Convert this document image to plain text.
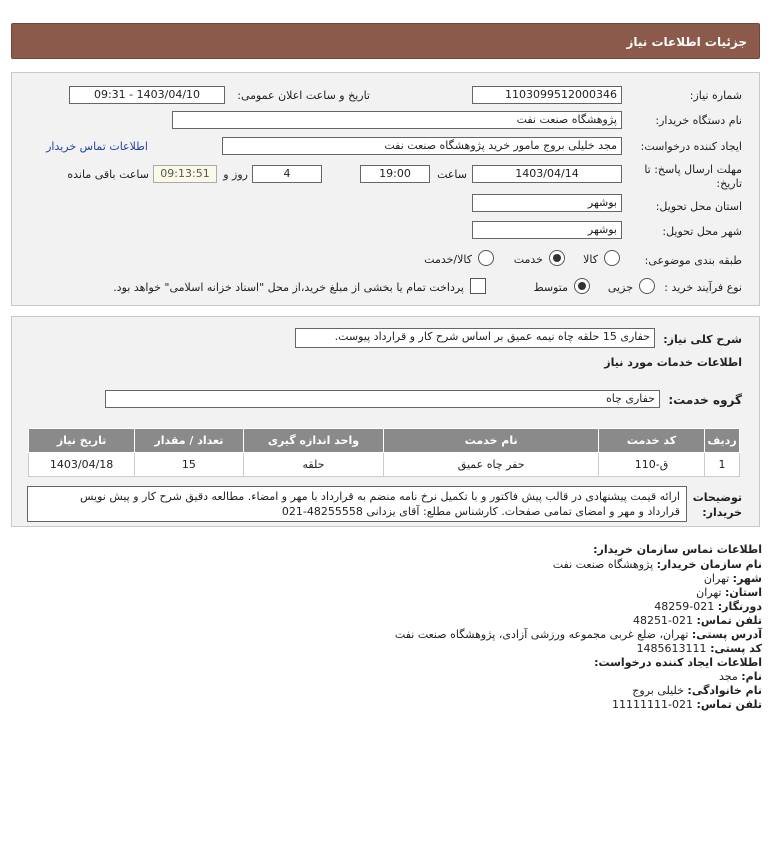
جزئیات اطلاعات نیاز
شماره نیاز:
1103099512000346
تاریخ و ساعت اعلان عمومی:
1403/04/10 - 09:31
نام دستگاه خریدار:
پژوهشگاه صنعت نفت
ایجاد کننده درخواست:
مجد خلیلی بروج مامور خرید پژوهشگاه صنعت نفت
اطلاعات تماس خریدار
مهلت ارسال پاسخ: تا
تاریخ:
1403/04/14
ساعت
19:00
4
روز و
09:13:51
ساعت باقی مانده
استان محل تحویل:
بوشهر
شهر محل تحویل:
بوشهر
طبقه بندی موضوعی:
کالا
خدمت
کالا/خدمت
نوع فرآیند خرید :
جزیی
متوسط
پرداخت تمام یا بخشی از مبلغ خرید،از محل "اسناد خزانه اسلامی" خواهد بود.
شرح کلی نیاز:
حفاری 15 حلقه چاه نیمه عمیق بر اساس شرح کار و قرارداد پیوست.
اطلاعات خدمات مورد نیاز
گروه خدمت:
حفاری چاه
ردیف	کد خدمت	نام خدمت	واحد اندازه گیری	تعداد / مقدار	تاریخ نیاز
1	ق-110	حفر چاه عمیق	حلقه	15	1403/04/18
توضیحات
خریدار:
ارائه قیمت پیشنهادی در قالب پیش فاکتور و با تکمیل نرخ نامه منضم به قرارداد با مهر و امضاء. مطالعه دقیق شرح کار و پیش نویس
قرارداد و مهر و امضای تمامی صفحات. کارشناس مطلع: آقای یزدانی 48255558-021
اطلاعات تماس سازمان خریدار:
نام سازمان خریدار: پژوهشگاه صنعت نفت
شهر: تهران
استان: تهران
دورنگار: 021-48259
تلفن تماس: 021-48251
آدرس پستی: تهران، ضلع غربی مجموعه ورزشی آزادی، پژوهشگاه صنعت نفت
کد پستی: 1485613111
اطلاعات ایجاد کننده درخواست:
نام: مجد
نام خانوادگی: خلیلی بروج
تلفن تماس: 021-11111111
